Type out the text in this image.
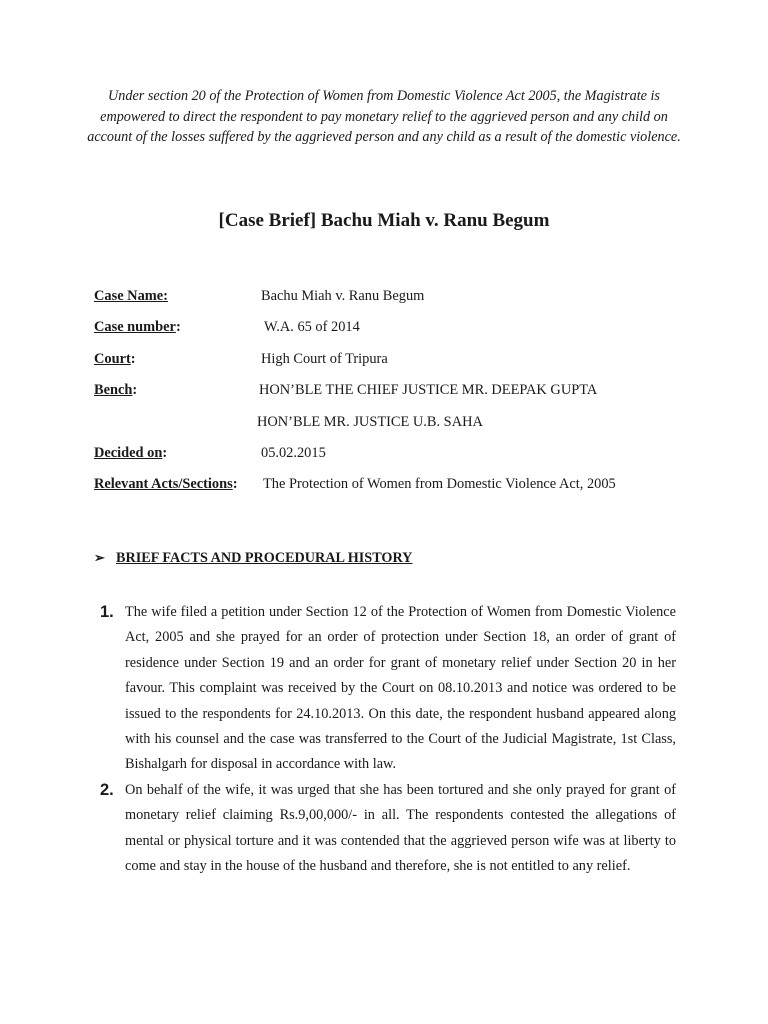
Under section 20 of the Protection of Women from Domestic Violence Act 2005, the Magistrate is empowered to direct the respondent to pay monetary relief to the aggrieved person and any child on account of the losses suffered by the aggrieved person and any child as a result of the domestic violence.

[Case Brief] Bachu Miah v. Ranu Begum
Case Name:	Bachu Miah v. Ranu Begum
Case number:	W.A. 65 of 2014
Court:	High Court of Tripura
Bench:	HON’BLE THE CHIEF JUSTICE MR. DEEPAK GUPTA
HON’BLE MR. JUSTICE U.B. SAHA
Decided on:	05.02.2015
Relevant Acts/Sections: The Protection of Women from Domestic Violence Act, 2005
➢ BRIEF FACTS AND PROCEDURAL HISTORY
1. The wife filed a petition under Section 12 of the Protection of Women from Domestic Violence Act, 2005 and she prayed for an order of protection under Section 18, an order of grant of residence under Section 19 and an order for grant of monetary relief under Section 20 in her favour. This complaint was received by the Court on 08.10.2013 and notice was ordered to be issued to the respondents for 24.10.2013. On this date, the respondent husband appeared along with his counsel and the case was transferred to the Court of the Judicial Magistrate, 1st Class, Bishalgarh for disposal in accordance with law.

2. On behalf of the wife, it was urged that she has been tortured and she only prayed for grant of monetary relief claiming Rs.9,00,000/- in all. The respondents contested the allegations of mental or physical torture and it was contended that the aggrieved person wife was at liberty to come and stay in the house of the husband and therefore, she is not entitled to any relief.
